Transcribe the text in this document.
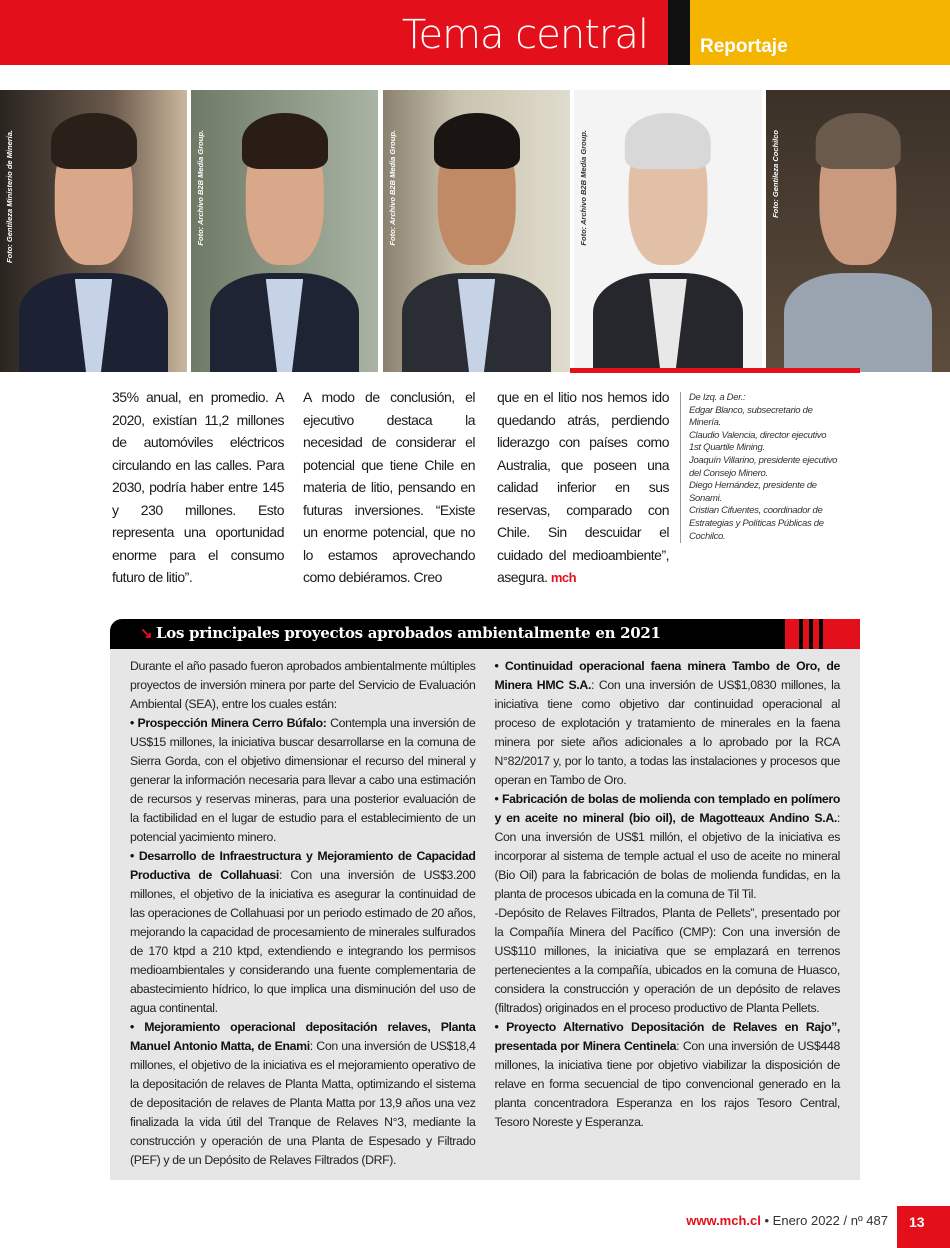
Tema central	Reportaje
Foto: Gentileza Ministerio de Minería.	Foto: Archivo B2B Media Group.	Foto: Archivo B2B Media Group.	Foto: Archivo B2B Media Group.	Foto: Gentileza Cochilco
35% anual, en promedio. A 2020, existían 11,2 millones de automóviles eléctricos circulando en las calles. Para 2030, podría haber entre 145 y 230 millones. Esto representa una oportunidad enorme para el consumo futuro de litio”.
A modo de conclusión, el ejecutivo destaca la necesidad de considerar el potencial que tiene Chile en materia de litio, pensando en futuras inversiones. “Existe un enorme potencial, que no lo estamos aprovechando como debiéramos. Creo
que en el litio nos hemos ido quedando atrás, perdiendo liderazgo con países como Australia, que poseen una calidad inferior en sus reservas, comparado con Chile. Sin descuidar el cuidado del medioambiente”, asegura. mch
De Izq. a Der.:
Edgar Blanco, subsecretario de
Minería.
Claudio Valencia, director ejecutivo
1st Quartile Mining.
Joaquín Villarino, presidente ejecutivo
del Consejo Minero.
Diego Hernández, presidente de
Sonami.
Cristian Cifuentes, coordinador de
Estrategias y Políticas Públicas de
Cochilco.
↘ Los principales proyectos aprobados ambientalmente en 2021

Durante el año pasado fueron aprobados ambientalmente múltiples proyectos de inversión minera por parte del Servicio de Evaluación Ambiental (SEA), entre los cuales están:

• Prospección Minera Cerro Búfalo: Contempla una inversión de US$15 millones, la iniciativa buscar desarrollarse en la comuna de Sierra Gorda, con el objetivo dimensionar el recurso del mineral y generar la información necesaria para llevar a cabo una estimación de recursos y reservas mineras, para una posterior evaluación de la factibilidad en el lugar de estudio para el establecimiento de un potencial yacimiento minero.

• Desarrollo de Infraestructura y Mejoramiento de Capacidad Productiva de Collahuasi: Con una inversión de US$3.200 millones, el objetivo de la iniciativa es asegurar la continuidad de las operaciones de Collahuasi por un periodo estimado de 20 años, mejorando la capacidad de procesamiento de minerales sulfurados de 170 ktpd a 210 ktpd, extendiendo e integrando los permisos medioambientales y considerando una fuente complementaria de abastecimiento hídrico, lo que implica una disminución del uso de agua continental.

• Mejoramiento operacional depositación relaves, Planta Manuel Antonio Matta, de Enami: Con una inversión de US$18,4 millones, el objetivo de la iniciativa es el mejoramiento operativo de la depositación de relaves de Planta Matta, optimizando el sistema de depositación de relaves de Planta Matta por 13,9 años una vez finalizada la vida útil del Tranque de Relaves N°3, mediante la construcción y operación de una Planta de Espesado y Filtrado (PEF) y de un Depósito de Relaves Filtrados (DRF).

• Continuidad operacional faena minera Tambo de Oro, de Minera HMC S.A.: Con una inversión de US$1,0830 millones, la iniciativa tiene como objetivo dar continuidad operacional al proceso de explotación y tratamiento de minerales en la faena minera por siete años adicionales a lo aprobado por la RCA N°82/2017 y, por lo tanto, a todas las instalaciones y procesos que operan en Tambo de Oro.

• Fabricación de bolas de molienda con templado en polímero y en aceite no mineral (bio oil), de Magotteaux Andino S.A.: Con una inversión de US$1 millón, el objetivo de la iniciativa es incorporar al sistema de temple actual el uso de aceite no mineral (Bio Oil) para la fabricación de bolas de molienda fundidas, en la planta de procesos ubicada en la comuna de Til Til.

-Depósito de Relaves Filtrados, Planta de Pellets”, presentado por la Compañía Minera del Pacífico (CMP): Con una inversión de US$110 millones, la iniciativa que se emplazará en terrenos pertenecientes a la compañía, ubicados en la comuna de Huasco, considera la construcción y operación de un depósito de relaves (filtrados) originados en el proceso productivo de Planta Pellets.

• Proyecto Alternativo Depositación de Relaves en Rajo”, presentada por Minera Centinela: Con una inversión de US$448 millones, la iniciativa tiene por objetivo viabilizar la disposición de relave en forma secuencial de tipo convencional generado en la planta concentradora Esperanza en los rajos Tesoro Central, Tesoro Noreste y Esperanza.

www.mch.cl • Enero 2022 / nº 487	13
